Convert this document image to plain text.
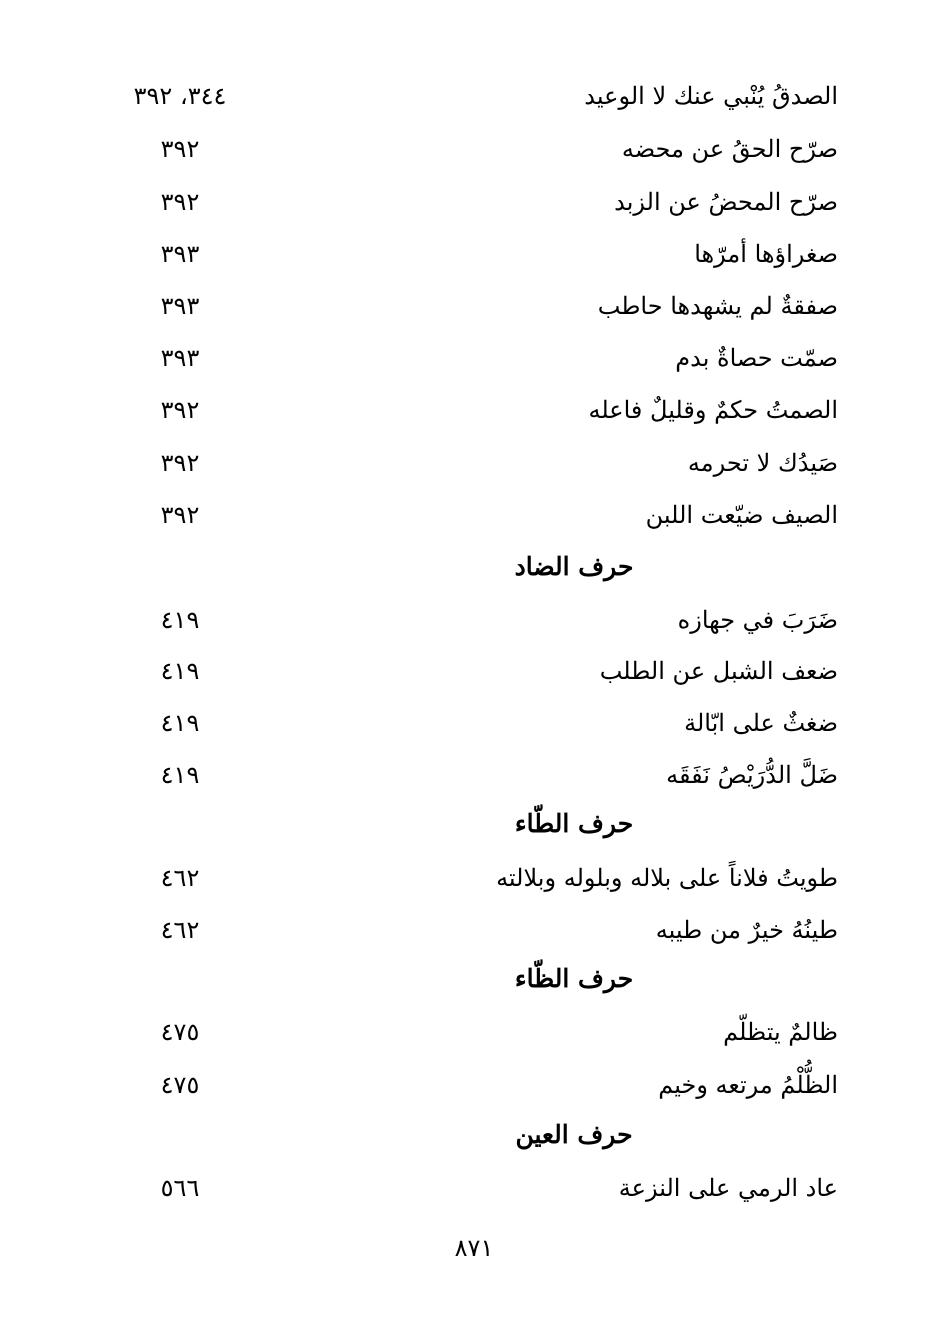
الصدقُ يُنْبي عنك لا الوعيد
٣٤٤، ٣٩٢
صرّح الحقُ عن محضه
٣٩٢
صرّح المحضُ عن الزبد
٣٩٢
صغراؤها أمرّها
٣٩٣
صفقةٌ لم يشهدها حاطب
٣٩٣
صمّت حصاةٌ بدم
٣٩٣
الصمتُ حكمٌ وقليلٌ فاعله
٣٩٢
صَيدُك لا تحرمه
٣٩٢
الصيف ضيّعت اللبن
٣٩٢
حرف الضاد
ضَرَبَ في جهازه
٤١٩
ضعف الشبل عن الطلب
٤١٩
ضغثٌ على ابّالة
٤١٩
ضَلَّ الدُّرَيْصُ نَفَقَه
٤١٩
حرف الطّاء
طويتُ فلاناً على بلاله وبلوله وبلالته
٤٦٢
طينُهُ خيرٌ من طيبه
٤٦٢
حرف الظّاء
ظالمٌ يتظلّم
٤٧٥
الظُّلْمُ مرتعه وخيم
٤٧٥
حرف العين
عاد الرمي على النزعة
٥٦٦
٨٧١
